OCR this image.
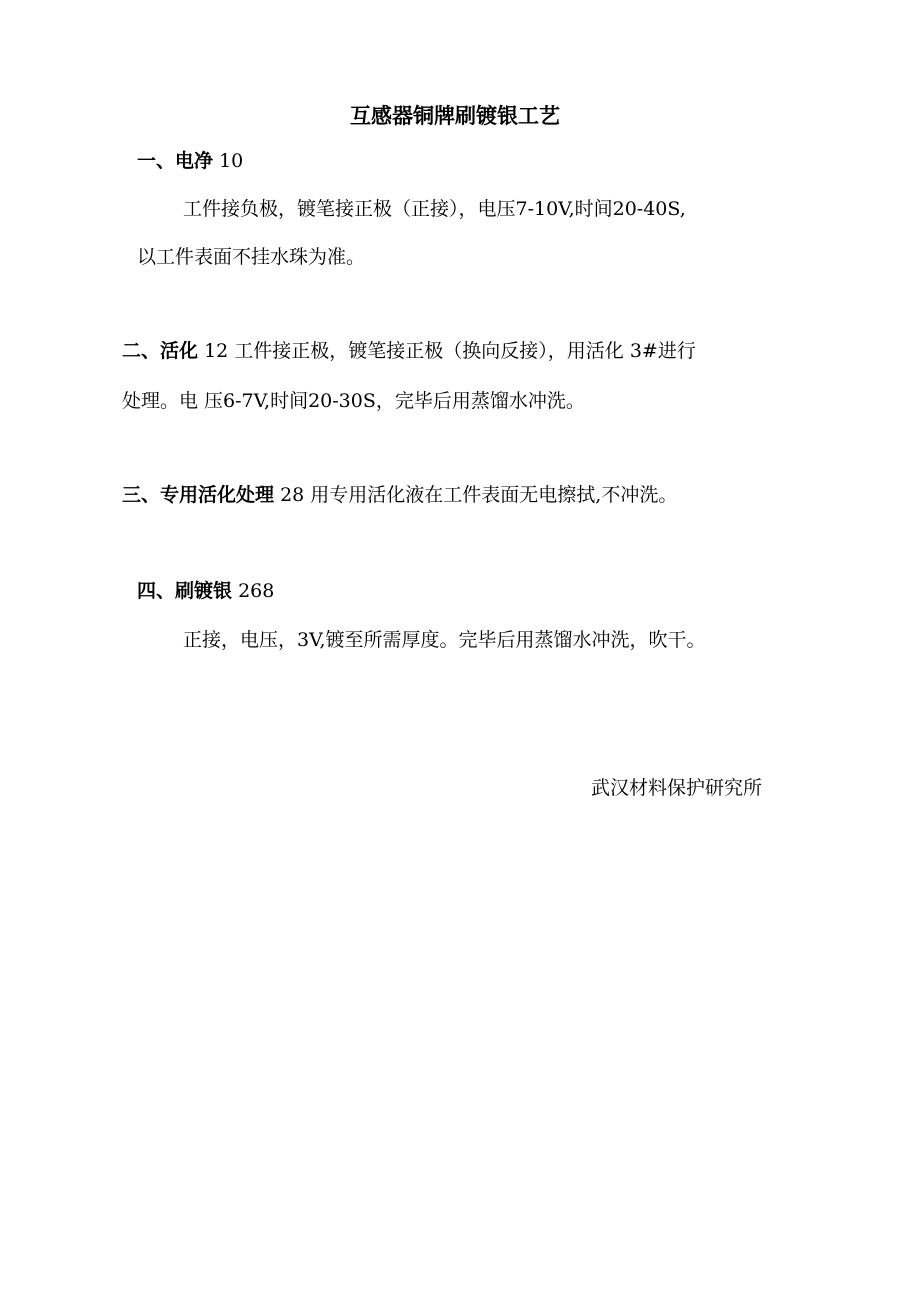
互感器铜牌刷镀银工艺
一、电净 10
工件接负极，镀笔接正极（正接），电压7-10V,时间20-40S,
以工件表面不挂水珠为准。
二、活化 12 工件接正极，镀笔接正极（换向反接），用活化 3#进行
处理。电 压6-7V,时间20-30S，完毕后用蒸馏水冲洗。
三、专用活化处理 28 用专用活化液在工件表面无电擦拭,不冲洗。
四、刷镀银 268
正接，电压，3V,镀至所需厚度。完毕后用蒸馏水冲洗，吹干。
武汉材料保护研究所
